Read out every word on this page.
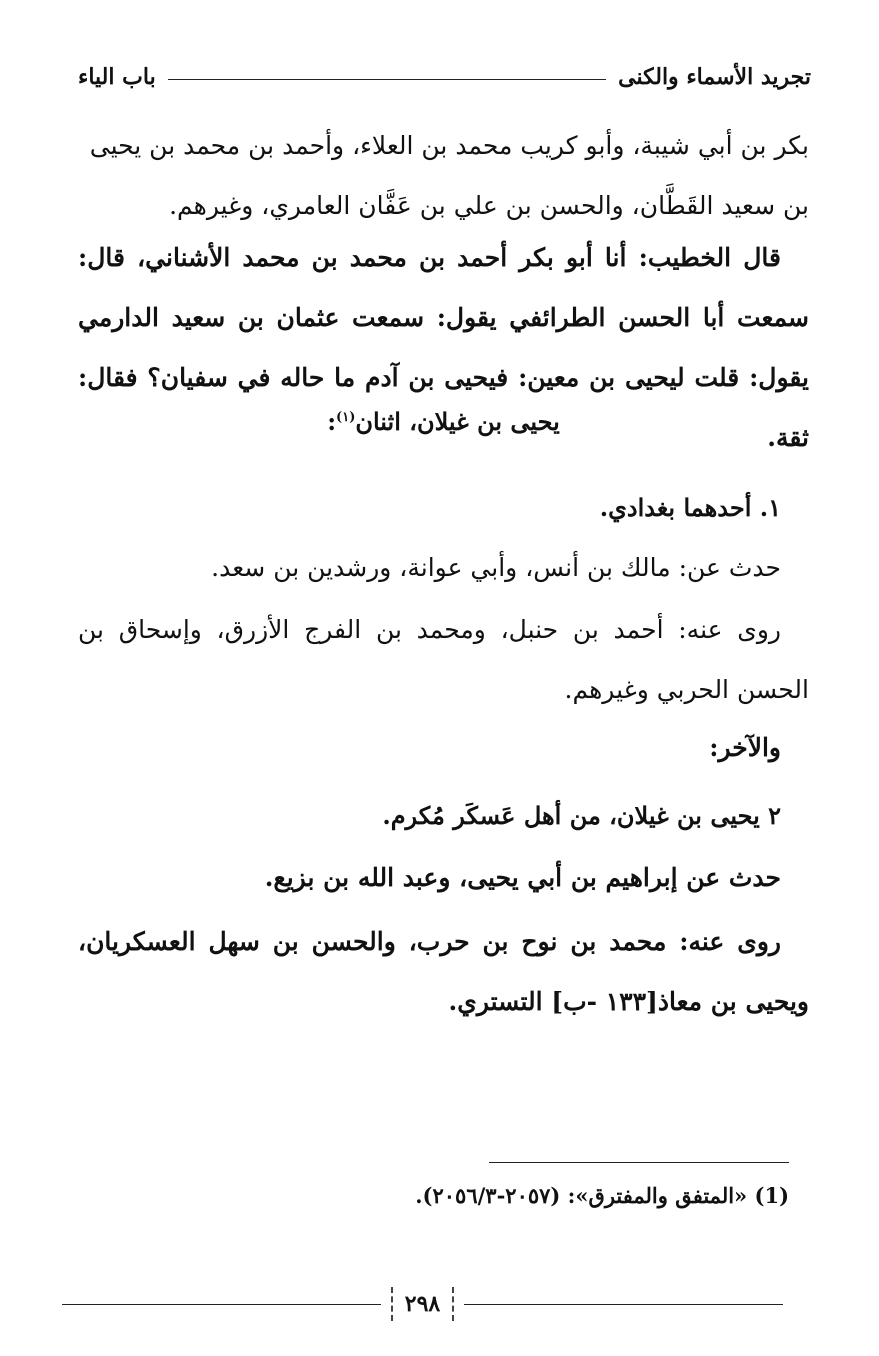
تجريد الأسماء والكنى
باب الياء

بكر بن أبي شيبة، وأبو كريب محمد بن العلاء، وأحمد بن محمد بن يحيى
بن سعيد القَطَّان، والحسن بن علي بن عَفَّان العامري، وغيرهم.

قال الخطيب: أنا أبو بكر أحمد بن محمد بن محمد الأشناني، قال: سمعت أبا الحسن الطرائفي يقول: سمعت عثمان بن سعيد الدارمي يقول: قلت ليحيى بن معين: فيحيى بن آدم ما حاله في سفيان؟ فقال: ثقة.

يحيى بن غيلان، اثنان$^{(١)}$:

١. أحدهما بغدادي.

حدث عن: مالك بن أنس، وأبي عوانة، ورشدين بن سعد.

روى عنه: أحمد بن حنبل، ومحمد بن الفرج الأزرق، وإسحاق بن الحسن الحربي وغيرهم.

والآخر:

٢ يحيى بن غيلان، من أهل عَسكَر مُكرم.

حدث عن إبراهيم بن أبي يحيى، وعبد الله بن بزيع.

روى عنه: محمد بن نوح بن حرب، والحسن بن سهل العسكريان، ويحيى بن معاذ[١٣٣ -ب] التستري.

(1) «المتفق والمفترق»: (٢٠٥٧-٢٠٥٦/٣).

٢٩٨
